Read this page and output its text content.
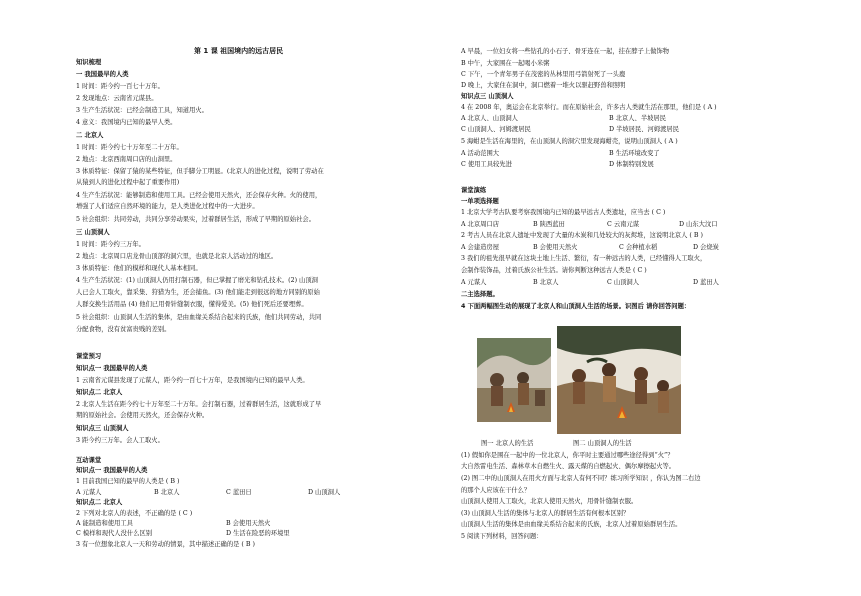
第 1 课 祖国境内的远古居民
知识梳理
一 我国最早的人类
1 时间：距今约一百七十万年。
2 发现地点：云南省元谋县。
3 生产生活状况：已经会制造工具，知道用火。
4 意义：我国境内已知的最早人类。
二 北京人
1 时间：距今约七十万年至二十万年。
2 地点：北京西南周口店的山洞里。
3 体质特征：保留了猿的某些特征，但手脚分工明显。(北京人的进化过程，说明了劳动在
从猿到人的进化过程中起了重要作用)
4 生产生活状况：能够制造和使用工具。已经会使用天然火，还会保存火种。火的使用，
增强了人们适应自然环境的能力，是人类进化过程中的一大进步。
5 社会组织：共同劳动，共同分享劳动果实，过着群居生活，形成了早期的原始社会。
三 山顶洞人
1 时间：距今约三万年。
2 地点：北京周口店龙骨山顶部的洞穴里，也就是北京人活动过的地区。
3 体质特征：他们的模样和现代人基本相同。
4 生产生活状况：(1) 山顶洞人仍用打制石器，但已掌握了磨光和钻孔技术。(2) 山顶洞
人已会人工取火，靠采集、狩猎为生，还会捕鱼。(3) 他们能走到很远的地方同别的原始
人群交换生活用品 (4) 他们已用骨针缝制衣服，懂得爱美。(5) 他们死后还要埋葬。
5 社会组织：山顶洞人生活的集体，是由血缘关系结合起来的氏族，他们共同劳动，共同
分配食物，没有贫富贵贱的差别。
课堂预习
知识点一 我国最早的人类
1 云南省元谋县发现了元谋人，距今约一百七十万年，是我国境内已知的最早人类。
知识点二 北京人
2 北京人生活在距今约七十万年至二十万年。会打制石器，过着群居生活，这就形成了早
期的原始社会。会使用天然火，还会保存火种。
知识点三 山顶洞人
3 距今约三万年。会人工取火。
互动课堂
知识点一 我国最早的人类
1 目前我国已知的最早的人类是 ( B )
知识点二 北京人
2 下列对北京人的表述，不正确的是 ( C )
3 有一位想象北京人一天和劳动的情景，其中描述正确的是 ( B )
A 元谋人	B 北京人	C 蓝田日	D 山顶洞人
A 能制造和使用工具	B 会使用天然火
C 模样和现代人没什么区别	D 生活在险恶的环境里
图一 北京人的生活	图二 山顶洞人的生活
A 早晨，一位妇女将一些钻孔的小石子、骨牙连在一起，挂在脖子上做饰物
B 中午，大家围在一起喝小米粥
C 下午，一个青年男子在茂密的丛林里用弓箭射死了一头鹿
D 晚上，大家住在洞中，洞口燃着一堆火以驱赶野兽和照明
知识点三 山顶洞人
4 在 2008 年，奥运会在北京举行。而在原始社会，许多古人类就生活在那里，他们是 ( A )
5 海蚶是生活在海里的，在山顶洞人的洞穴里发现海蚶壳，说明山顶洞人 ( A )
课堂演练
一单项选择题
1 北京大学考古队要考察我国境内已知的最早远古人类遗址，应当去 ( C )
2 考古人员在北京人遗址中发现了大量的木炭和几处较大的灰烬堆，这说明北京人 ( B )
3 我们的祖先很早就在这块土地上生活、繁衍，有一种远古的人类，已经懂得人工取火，
会制作装饰品，过着氏族公社生活。请你判断这种远古人类是 ( C )
二主选择题。
4 下面两幅图生动的展现了北京人和山顶洞人生活的场景。识图后 请你回答问题：
(1) 假如你是围在一起中的一位北京人，你平时主要通过哪些途径得到“火”？
大自然雷电生活、森林草木自燃生火、露天煤的自燃起火、偶尔摩擦起火等。
(2) 图二中的山顶洞人在用火方面与北京人有何不同？练习所学知识 ，你认为图二右边
的那个人应该在干什么？
山顶洞人使用人工取火，北京人使用天然火，用骨针缝制衣服。
(3) 山顶洞人生活的集体与北京人的群居生活有何根本区别？
山顶洞人生活的集体是由血缘关系结合起来的氏族，北京人过着原始群居生活。
5 阅读下列材料，回答问题：
A 北京人、山顶洞人	B 北京人、半坡居民
C 山顶洞人、河姆渡居民	D 半坡居民、河姆渡居民
A 活动范围大	B 生活环境改变了
C 使用工具较先进	D 体制特别发展
A 北京周口店	B 陕西蓝田	C 云南元谋	D 山东大汶口
A 会建造房屋	B 会使用天然火	C 会种植水稻	D 会烧炭
A 元谋人	B 北京人	C 山顶洞人	D 蓝田人
